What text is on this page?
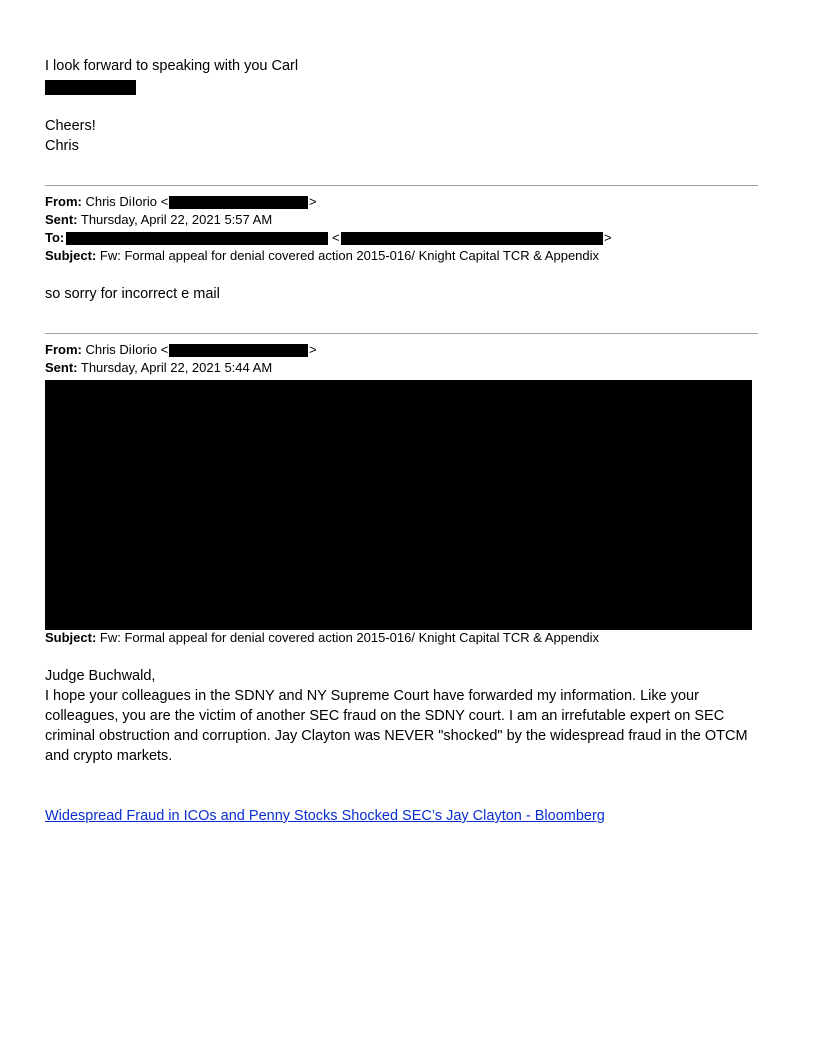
I look forward to speaking with you Carl
Cheers!
Chris
From: Chris DiIorio <	>
Sent: Thursday, April 22, 2021 5:57 AM
To:	<	>
Subject: Fw: Formal appeal for denial covered action 2015-016/ Knight Capital TCR & Appendix
so sorry for incorrect e mail
From: Chris DiIorio <	>
Sent: Thursday, April 22, 2021 5:44 AM
Subject: Fw: Formal appeal for denial covered action 2015-016/ Knight Capital TCR & Appendix
Judge Buchwald,
I hope your colleagues in the SDNY and NY Supreme Court have forwarded my information. Like your colleagues, you are the victim of another SEC fraud on the SDNY court. I am an irrefutable expert on SEC criminal obstruction and corruption. Jay Clayton was NEVER "shocked" by the widespread fraud in the OTCM and crypto markets.
Widespread Fraud in ICOs and Penny Stocks Shocked SEC’s Jay Clayton - Bloomberg
